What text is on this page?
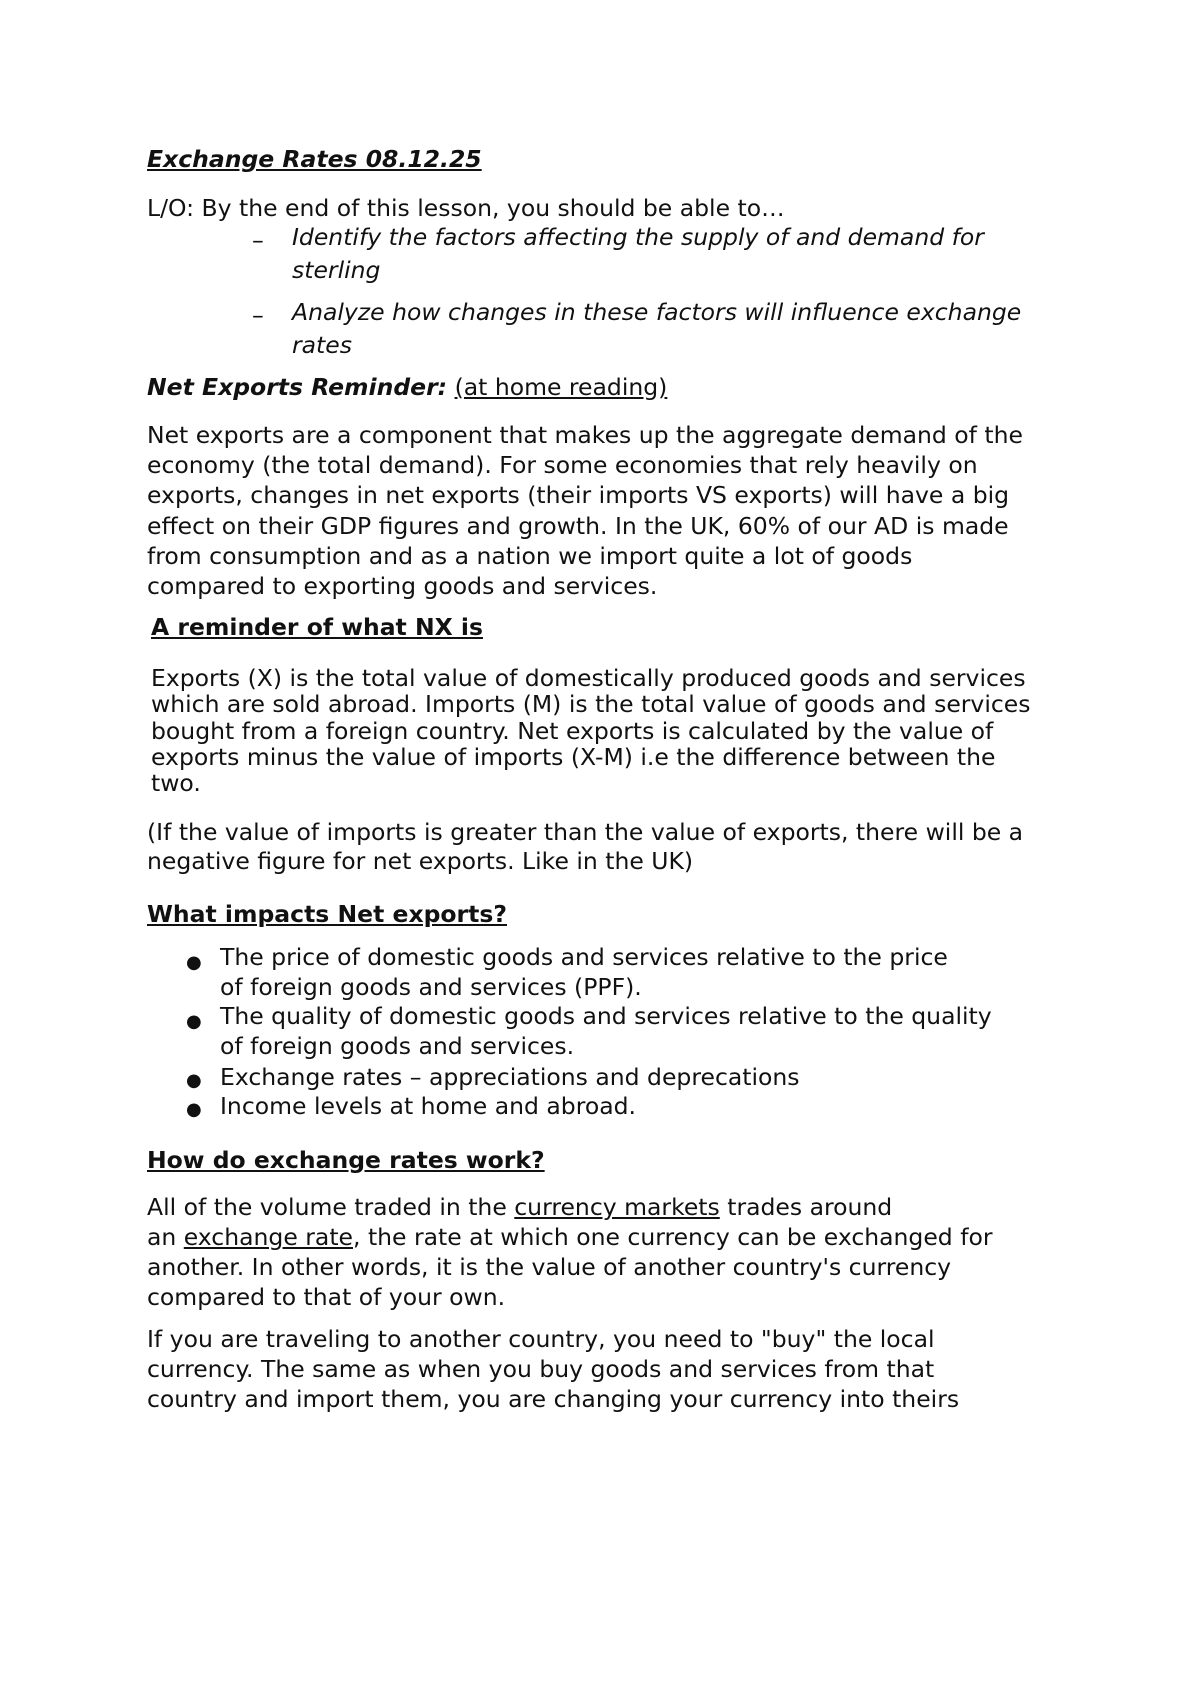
Exchange Rates 08.12.25
L/O: By the end of this lesson, you should be able to…
– Identify the factors affecting the supply of and demand for
sterling
– Analyze how changes in these factors will influence exchange
rates
Net Exports Reminder: (at home reading)
Net exports are a component that makes up the aggregate demand of the
economy (the total demand). For some economies that rely heavily on
exports, changes in net exports (their imports VS exports) will have a big
effect on their GDP figures and growth. In the UK, 60% of our AD is made
from consumption and as a nation we import quite a lot of goods
compared to exporting goods and services.
A reminder of what NX is
Exports (X) is the total value of domestically produced goods and services
which are sold abroad. Imports (M) is the total value of goods and services
bought from a foreign country. Net exports is calculated by the value of
exports minus the value of imports (X-M) i.e the difference between the
two.
(If the value of imports is greater than the value of exports, there will be a
negative figure for net exports. Like in the UK)
What impacts Net exports?
● The price of domestic goods and services relative to the price
of foreign goods and services (PPF).
● The quality of domestic goods and services relative to the quality
of foreign goods and services.
● Exchange rates – appreciations and deprecations
● Income levels at home and abroad.
How do exchange rates work?
All of the volume traded in the currency markets trades around
an exchange rate, the rate at which one currency can be exchanged for
another. In other words, it is the value of another country's currency
compared to that of your own.
If you are traveling to another country, you need to "buy" the local
currency. The same as when you buy goods and services from that
country and import them, you are changing your currency into theirs
